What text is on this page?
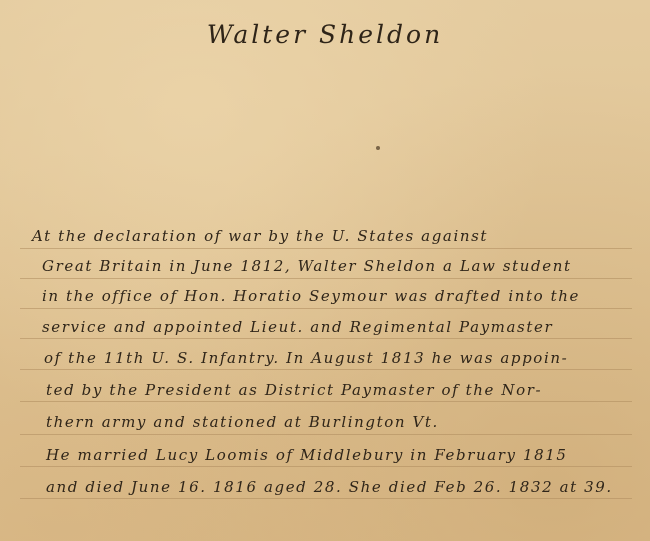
Walter Sheldon
At the declaration of war by the U. States against
Great Britain in June 1812, Walter Sheldon a Law student
in the office of Hon. Horatio Seymour was drafted into the
service and appointed Lieut. and Regimental Paymaster
of the 11th U. S. Infantry. In August 1813 he was appoin-
ted by the President as District Paymaster of the Nor-
thern army and stationed at Burlington Vt.
He married Lucy Loomis of Middlebury in February 1815
and died June 16. 1816 aged 28. She died Feb 26. 1832 at 39.
